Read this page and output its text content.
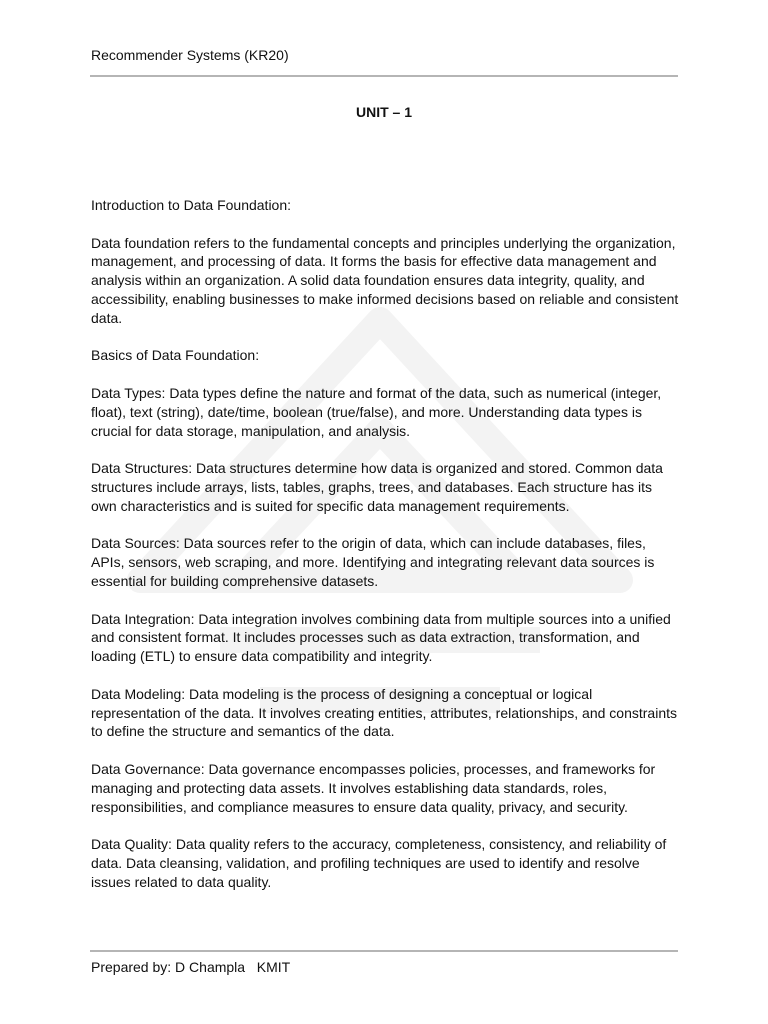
Recommender Systems (KR20)
UNIT – 1

Introduction to Data Foundation:

Data foundation refers to the fundamental concepts and principles underlying the organization, management, and processing of data. It forms the basis for effective data management and analysis within an organization. A solid data foundation ensures data integrity, quality, and accessibility, enabling businesses to make informed decisions based on reliable and consistent data.

Basics of Data Foundation:

Data Types: Data types define the nature and format of the data, such as numerical (integer, float), text (string), date/time, boolean (true/false), and more. Understanding data types is crucial for data storage, manipulation, and analysis.

Data Structures: Data structures determine how data is organized and stored. Common data structures include arrays, lists, tables, graphs, trees, and databases. Each structure has its own characteristics and is suited for specific data management requirements.

Data Sources: Data sources refer to the origin of data, which can include databases, files, APIs, sensors, web scraping, and more. Identifying and integrating relevant data sources is essential for building comprehensive datasets.

Data Integration: Data integration involves combining data from multiple sources into a unified and consistent format. It includes processes such as data extraction, transformation, and loading (ETL) to ensure data compatibility and integrity.

Data Modeling: Data modeling is the process of designing a conceptual or logical representation of the data. It involves creating entities, attributes, relationships, and constraints to define the structure and semantics of the data.

Data Governance: Data governance encompasses policies, processes, and frameworks for managing and protecting data assets. It involves establishing data standards, roles, responsibilities, and compliance measures to ensure data quality, privacy, and security.

Data Quality: Data quality refers to the accuracy, completeness, consistency, and reliability of data. Data cleansing, validation, and profiling techniques are used to identify and resolve issues related to data quality.

Prepared by: D Champla   KMIT
